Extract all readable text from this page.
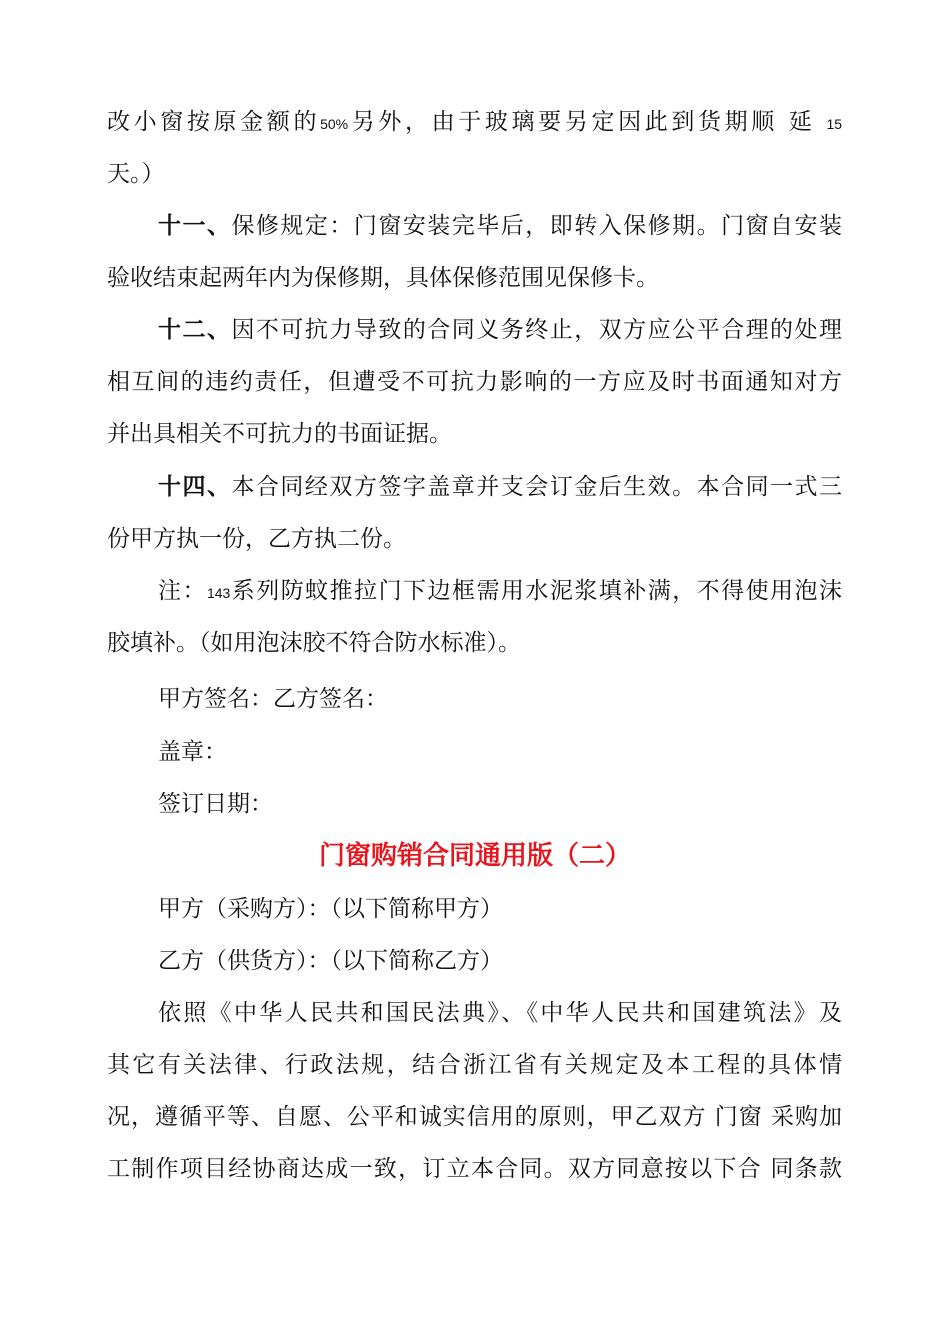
改小窗按原金额的50%另外，由于玻璃要另定因此到货期顺 延 15
天。）
十一、保修规定：门窗安装完毕后，即转入保修期。门窗自安装
验收结束起两年内为保修期，具体保修范围见保修卡。
十二、因不可抗力导致的合同义务终止，双方应公平合理的处理
相互间的违约责任，但遭受不可抗力影响的一方应及时书面通知对方
并出具相关不可抗力的书面证据。
十四、本合同经双方签字盖章并支会订金后生效。本合同一式三
份甲方执一份，乙方执二份。
注：143系列防蚊推拉门下边框需用水泥浆填补满，不得使用泡沫
胶填补。（如用泡沫胶不符合防水标准）。
甲方签名：乙方签名：
盖章：
签订日期：
门窗购销合同通用版（二）
甲方（采购方）：（以下简称甲方）
乙方（供货方）：（以下简称乙方）
依照《中华人民共和国民法典》、《中华人民共和国建筑法》及
其它有关法律、行政法规，结合浙江省有关规定及本工程的具体情
况，遵循平等、自愿、公平和诚实信用的原则，甲乙双方 门窗 采购加
工制作项目经协商达成一致，订立本合同。双方同意按以下合 同条款
